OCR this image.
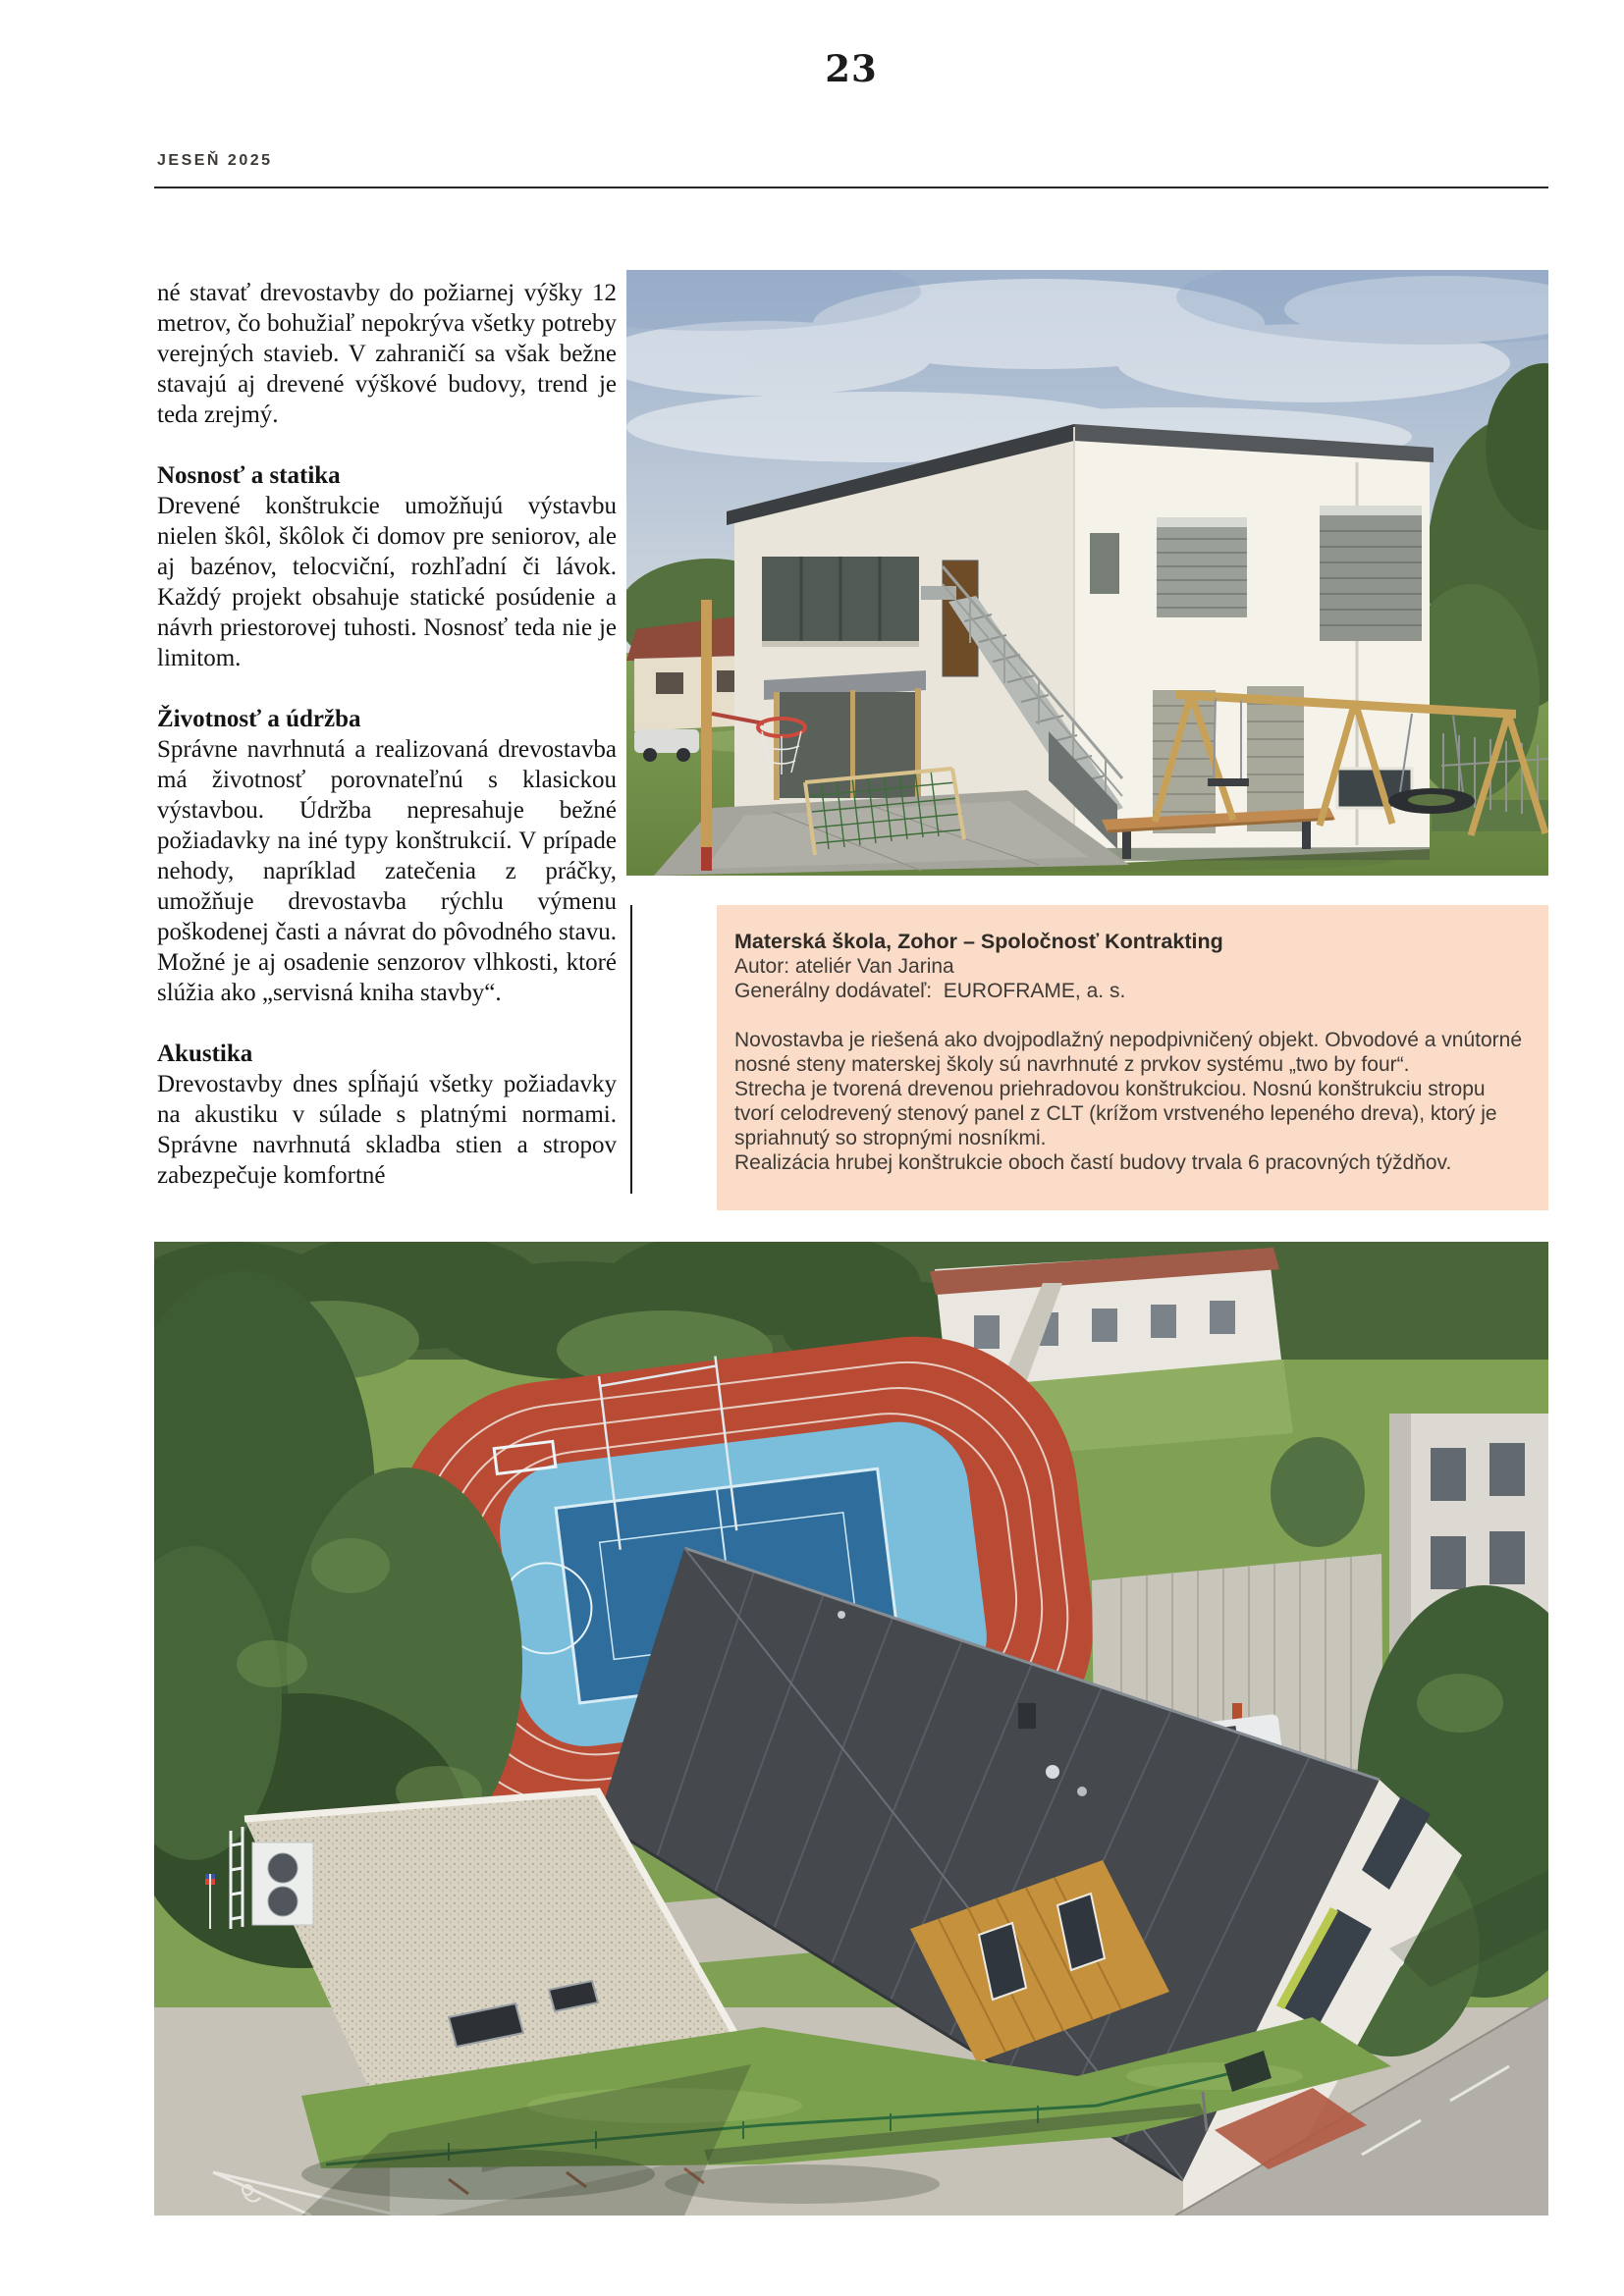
23
JESEŇ 2025

né stavať drevostavby do požiarnej výšky 12 metrov, čo bohužiaľ nepokrýva všetky potreby verejných stavieb. V zahraničí sa však bežne stavajú aj drevené výškové budovy, trend je teda zrejmý.

Nosnosť a statika

Drevené konštrukcie umožňujú výstavbu nielen škôl, škôlok či domov pre seniorov, ale aj bazénov, telocviční, rozhľadní či lávok. Každý projekt obsahuje statické posúdenie a návrh priestorovej tuhosti. Nosnosť teda nie je limitom.

Životnosť a údržba

Správne navrhnutá a realizovaná drevostavba má životnosť porovnateľnú s klasickou výstavbou. Údržba nepresahuje bežné požiadavky na iné typy konštrukcií. V prípade nehody, napríklad zatečenia z práčky, umožňuje drevostavba rýchlu výmenu poškodenej časti a návrat do pôvodného stavu. Možné je aj osadenie senzorov vlhkosti, ktoré slúžia ako „servisná kniha stavby“.

Akustika

Drevostavby dnes spĺňajú všetky požiadavky na akustiku v súlade s platnými normami. Správne navrhnutá skladba stien a stropov zabezpečuje komfortné

Materská škola, Zohor – Spoločnosť Kontrakting
Autor: ateliér Van Jarina
Generálny dodávateľ:  EUROFRAME, a. s.
Novostavba je riešená ako dvojpodlažný nepodpivničený objekt. Obvodové a vnútorné nosné steny materskej školy sú navrhnuté z prvkov systému „two by four“.
Strecha je tvorená drevenou priehradovou konštrukciou. Nosnú konštrukciu stropu tvorí celodrevený stenový panel z CLT (krížom vrstveného lepeného dreva), ktorý je spriahnutý so stropnými nosníkmi.
Realizácia hrubej konštrukcie oboch častí budovy trvala 6 pracovných týždňov.
